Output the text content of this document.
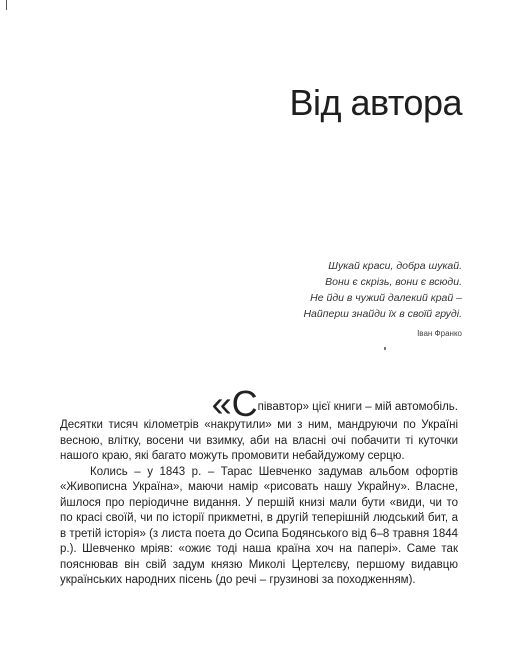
Від автора
Шукай краси, добра шукай.
Вони є скрізь, вони є всюди.
Не йди в чужий далекий край –
Найперш знайди їх в своїй груді.
Іван Франко
«Співавтор» цієї книги – мій автомобіль.

Десятки тисяч кілометрів «накрутили» ми з ним, мандруючи по Україні весною, влітку, восени чи взимку, аби на власні очі побачити ті куточки нашого краю, які багато можуть промовити небайдужому серцю.

Колись – у 1843 р. – Тарас Шевченко задумав альбом офортів «Живописна Україна», маючи намір «рисовать нашу Украйну». Власне, йшлося про періодичне видання. У першій книзі мали бути «види, чи то по красі своїй, чи по історії прикметні, в другій теперішній людський бит, а в третій історія» (з листа поета до Осипа Бодянського від 6–8 травня 1844 р.). Шевченко мріяв: «ожиє тоді наша країна хоч на папері». Саме так пояснював він свій задум князю Миколі Цертелєву, першому видавцю українських народних пісень (до речі – грузинові за походженням).
